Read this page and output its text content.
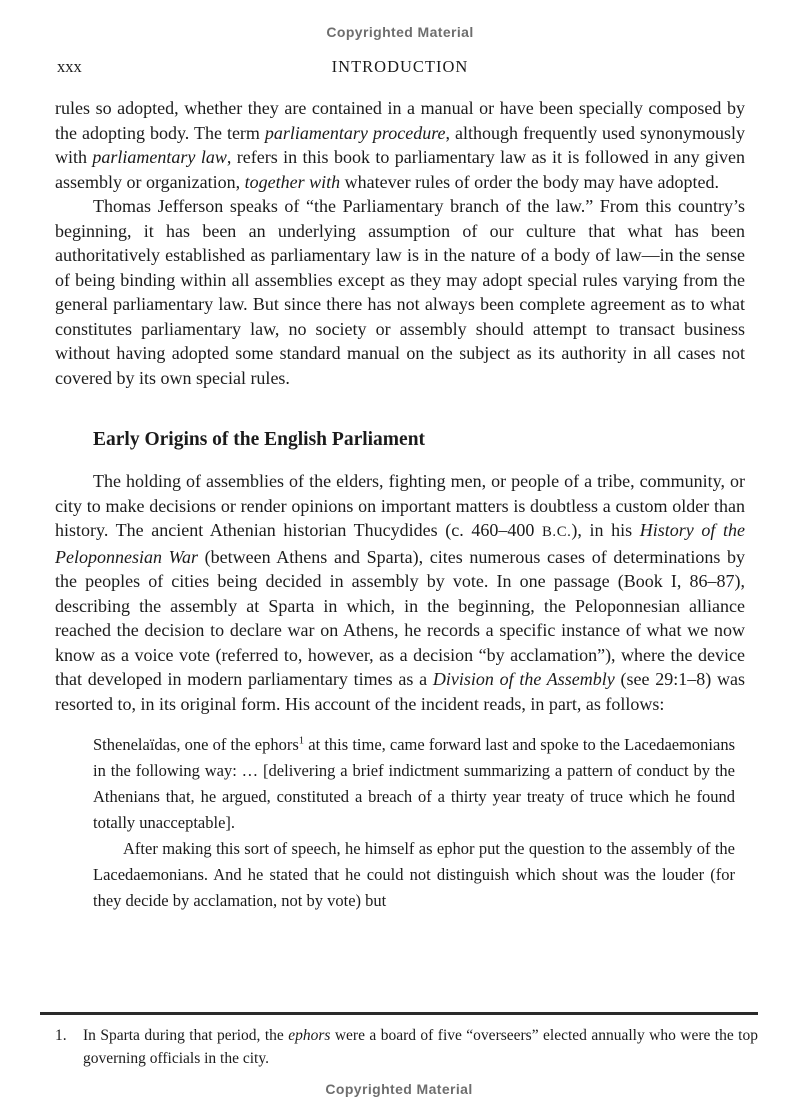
Copyrighted Material
xxx	INTRODUCTION

rules so adopted, whether they are contained in a manual or have been specially composed by the adopting body. The term parliamentary procedure, although frequently used synonymously with parliamentary law, refers in this book to parliamentary law as it is followed in any given assembly or organization, together with whatever rules of order the body may have adopted.

Thomas Jefferson speaks of “the Parliamentary branch of the law.” From this country’s beginning, it has been an underlying assumption of our culture that what has been authoritatively established as parliamentary law is in the nature of a body of law—in the sense of being binding within all assemblies except as they may adopt special rules varying from the general parliamentary law. But since there has not always been complete agreement as to what constitutes parliamentary law, no society or assembly should attempt to transact business without having adopted some standard manual on the subject as its authority in all cases not covered by its own special rules.

Early Origins of the English Parliament

The holding of assemblies of the elders, fighting men, or people of a tribe, community, or city to make decisions or render opinions on important matters is doubtless a custom older than history. The ancient Athenian historian Thucydides (c. 460–400 B.C.), in his History of the Peloponnesian War (between Athens and Sparta), cites numerous cases of determinations by the peoples of cities being decided in assembly by vote. In one passage (Book I, 86–87), describing the assembly at Sparta in which, in the beginning, the Peloponnesian alliance reached the decision to declare war on Athens, he records a specific instance of what we now know as a voice vote (referred to, however, as a decision “by acclamation”), where the device that developed in modern parliamentary times as a Division of the Assembly (see 29:1–8) was resorted to, in its original form. His account of the incident reads, in part, as follows:

Sthenelaïdas, one of the ephors$^1$ at this time, came forward last and spoke to the Lacedaemonians in the following way: … [delivering a brief indictment summarizing a pattern of conduct by the Athenians that, he argued, constituted a breach of a thirty year treaty of truce which he found totally unacceptable].

After making this sort of speech, he himself as ephor put the question to the assembly of the Lacedaemonians. And he stated that he could not distinguish which shout was the louder (for they decide by acclamation, not by vote) but

1.	In Sparta during that period, the ephors were a board of five “overseers” elected annually who were the top governing officials in the city.
Copyrighted Material
